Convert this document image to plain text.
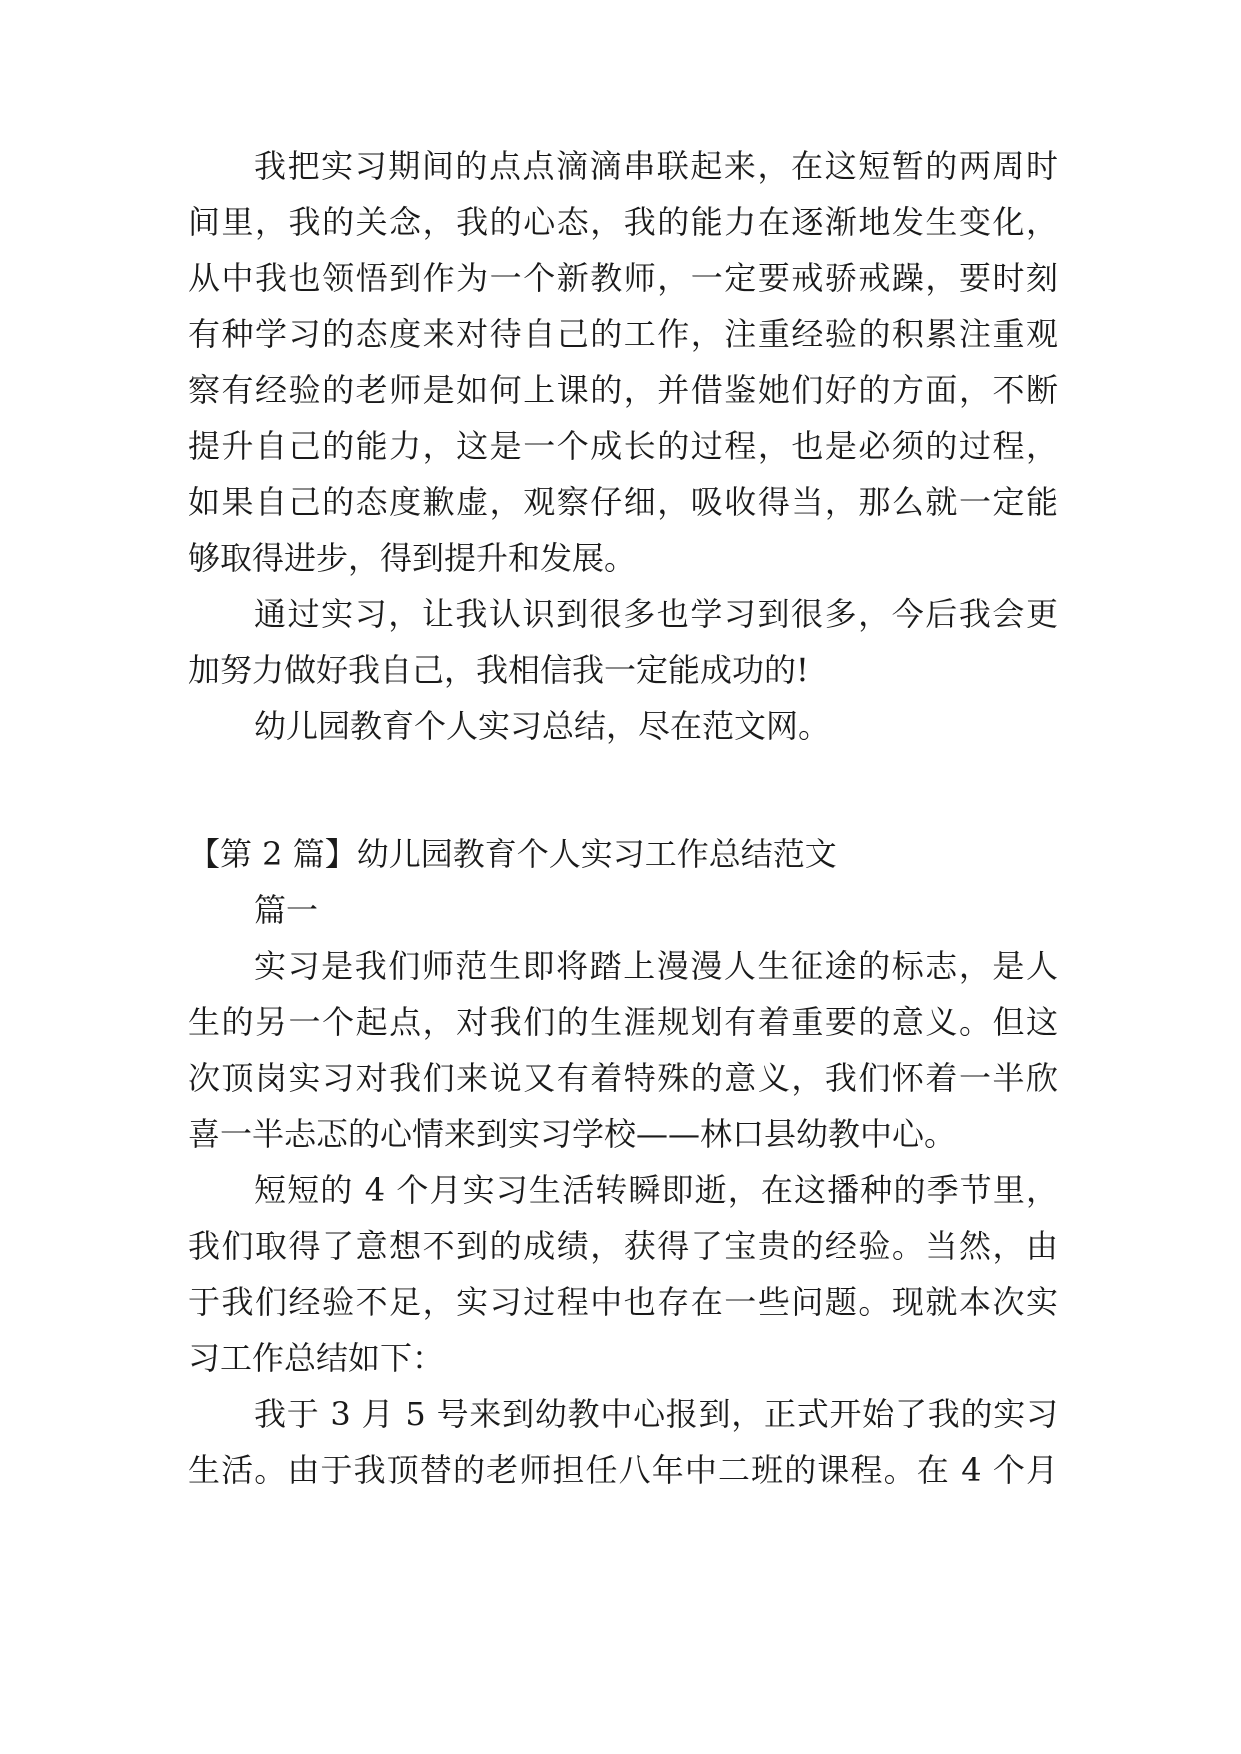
我把实习期间的点点滴滴串联起来，在这短暂的两周时
间里，我的关念，我的心态，我的能力在逐渐地发生变化，
从中我也领悟到作为一个新教师，一定要戒骄戒躁，要时刻
有种学习的态度来对待自己的工作，注重经验的积累注重观
察有经验的老师是如何上课的，并借鉴她们好的方面，不断
提升自己的能力，这是一个成长的过程，也是必须的过程，
如果自己的态度歉虚，观察仔细，吸收得当，那么就一定能
够取得进步，得到提升和发展。
通过实习，让我认识到很多也学习到很多，今后我会更
加努力做好我自己，我相信我一定能成功的!
幼儿园教育个人实习总结，尽在范文网。
【第 2 篇】幼儿园教育个人实习工作总结范文
篇一
实习是我们师范生即将踏上漫漫人生征途的标志，是人
生的另一个起点，对我们的生涯规划有着重要的意义。但这
次顶岗实习对我们来说又有着特殊的意义，我们怀着一半欣
喜一半忐忑的心情来到实习学校——林口县幼教中心。
短短的 4 个月实习生活转瞬即逝，在这播种的季节里，
我们取得了意想不到的成绩，获得了宝贵的经验。当然，由
于我们经验不足，实习过程中也存在一些问题。现就本次实
习工作总结如下：
我于 3 月 5 号来到幼教中心报到，正式开始了我的实习
生活。由于我顶替的老师担任八年中二班的课程。在 4 个月
